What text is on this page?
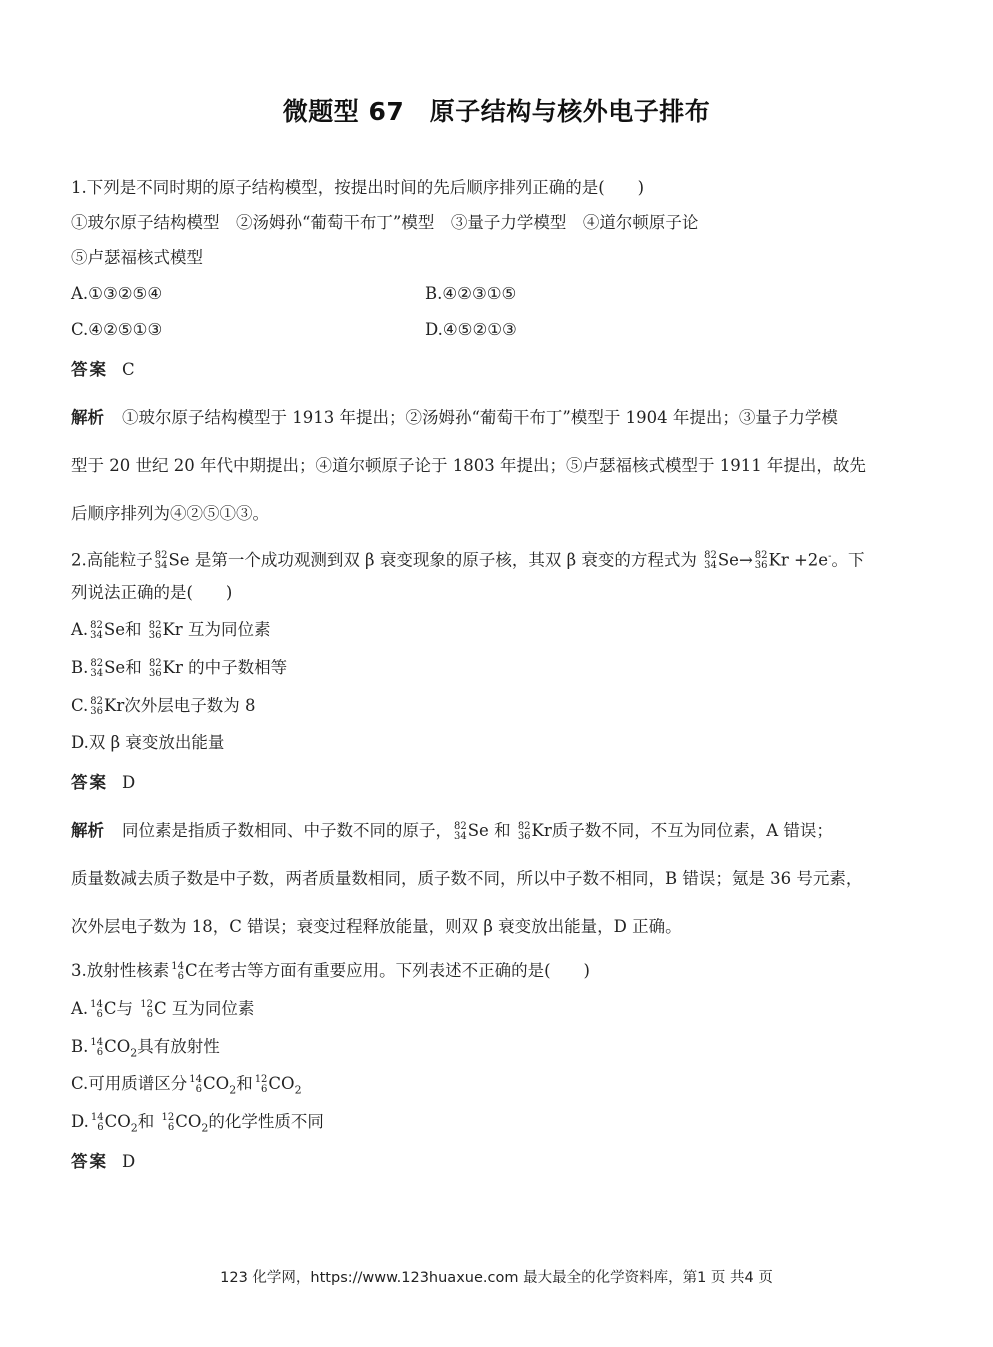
微题型 67　原子结构与核外电子排布
1.下列是不同时期的原子结构模型，按提出时间的先后顺序排列正确的是(　　)
①玻尔原子结构模型　②汤姆孙“葡萄干布丁”模型　③量子力学模型　④道尔顿原子论
⑤卢瑟福核式模型
A.①③②⑤④	B.④②③①⑤
C.④②⑤①③	D.④⑤②①③
答案 C
解析 ①玻尔原子结构模型于 1913 年提出；②汤姆孙“葡萄干布丁”模型于 1904 年提出；③量子力学模
型于 20 世纪 20 年代中期提出；④道尔顿原子论于 1803 年提出；⑤卢瑟福核式模型于 1911 年提出，故先
后顺序排列为④②⑤①③。
2.高能粒子 82
34 Se 是第一个成功观测到双 β 衰变现象的原子核，其双 β 衰变的方程式为 82
34 Se→ 82
36 Kr +2e-。下
列说法正确的是(　　)
A. 82
34 Se和 82
36 Kr 互为同位素
B. 82
34 Se和 82
36 Kr 的中子数相等
C. 82
36 Kr次外层电子数为 8
D.双 β 衰变放出能量
答案 D
解析 同位素是指质子数相同、中子数不同的原子， 82
34 Se 和 82
36 Kr质子数不同，不互为同位素，A 错误；
质量数减去质子数是中子数，两者质量数相同，质子数不同，所以中子数不相同，B 错误；氪是 36 号元素，
次外层电子数为 18，C 错误；衰变过程释放能量，则双 β 衰变放出能量，D 正确。
3.放射性核素 14
6 C在考古等方面有重要应用。下列表述不正确的是(　　)
A. 14
6 C与 12
6 C 互为同位素
B. 14
6 $CO_2$具有放射性
C.可用质谱区分 14
6 $CO_2$和 12
6 $CO_2$
D. 14
6 $CO_2$和 12
6 $CO_2$的化学性质不同
答案 D
123 化学网，https://www.123huaxue.com 最大最全的化学资料库，第1 页 共4 页
